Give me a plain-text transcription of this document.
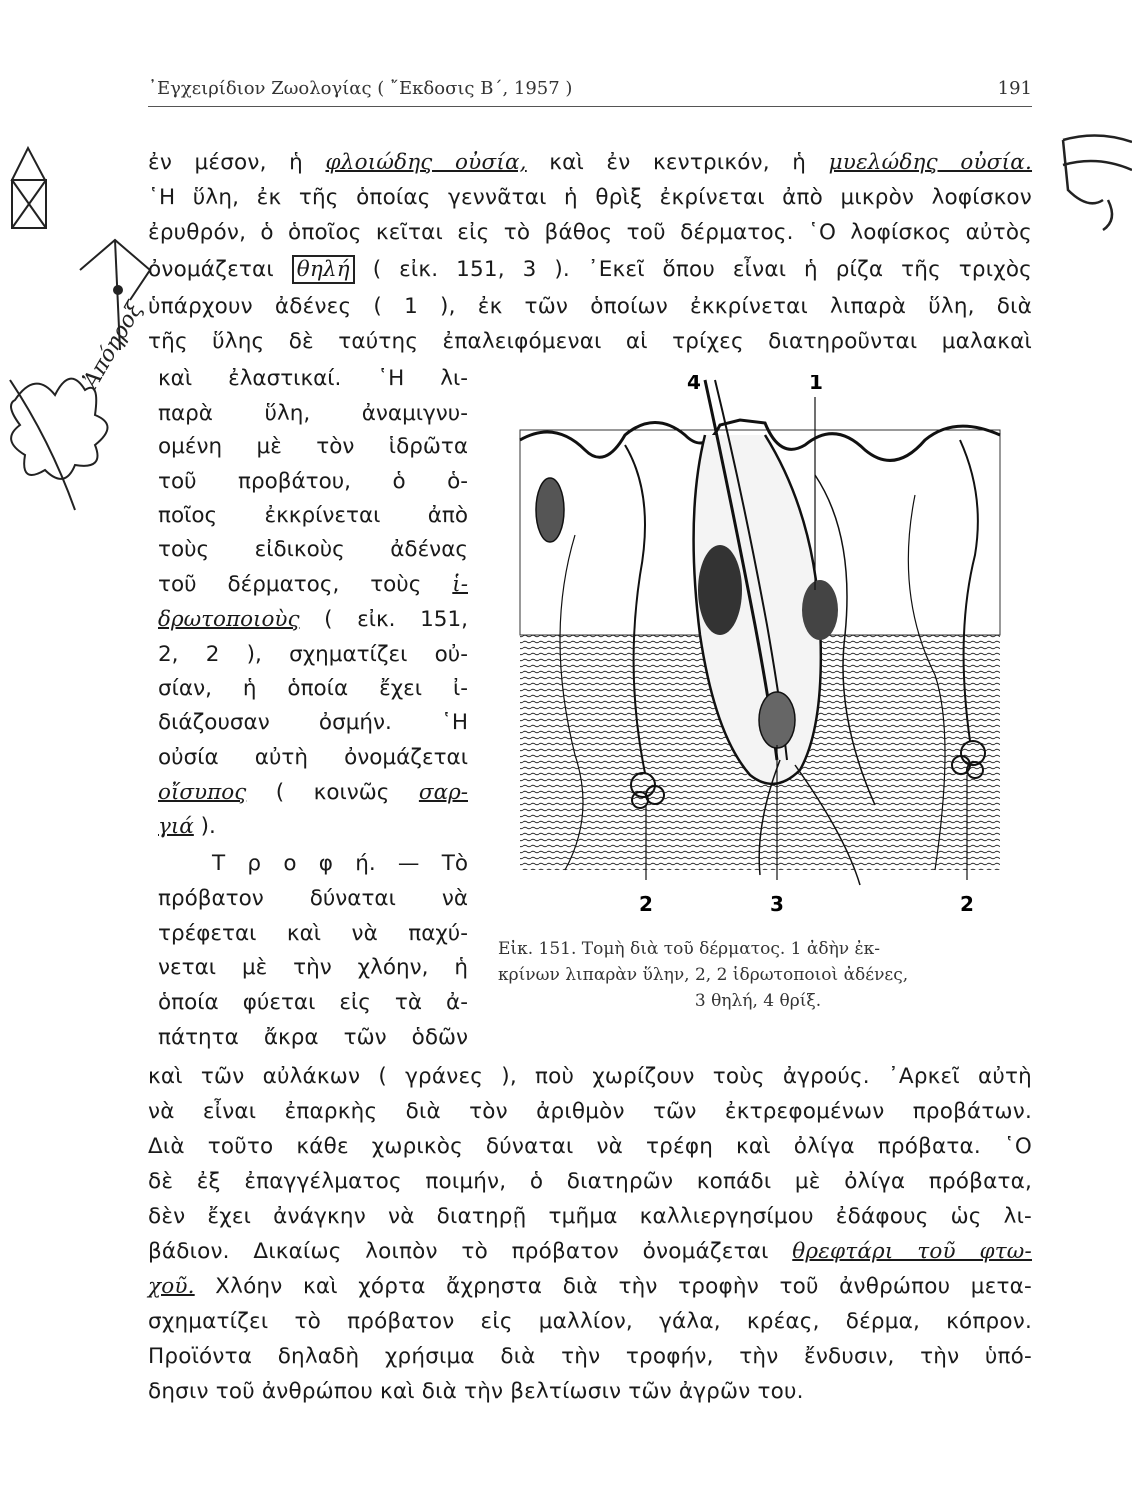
᾿Εγχειρίδιον Ζωολογίας ( ῎Εκδοσις Β΄, 1957 )	191
ἐν μέσον, ἡ φλοιώδης οὐσία, καὶ ἐν κεντρικόν, ἡ μυελώδης οὐσία.
῾Η ὕλη, ἐκ τῆς ὁποίας γεννᾶται ἡ θρὶξ ἐκρίνεται ἀπὸ μικρὸν λοφίσκον
ἐρυθρόν, ὁ ὁποῖος κεῖται εἰς τὸ βάθος τοῦ δέρματος. ῾Ο λοφίσκος αὐτὸς
ὀνομάζεται θηλή ( εἰκ. 151, 3 ). ᾿Εκεῖ ὅπου εἶναι ἡ ρίζα τῆς τριχὸς
ὑπάρχουν ἀδένες ( 1 ), ἐκ τῶν ὁποίων ἐκκρίνεται λιπαρὰ ὕλη, διὰ
τῆς ὕλης δὲ ταύτης ἐπαλειφόμεναι αἱ τρίχες διατηροῦνται μαλακαὶ
καὶ ἐλαστικαί. ῾Η λι-
παρὰ ὕλη, ἀναμιγνυ-
ομένη μὲ τὸν ἱδρῶτα
τοῦ προβάτου, ὁ ὁ-
ποῖος ἐκκρίνεται ἀπὸ
τοὺς εἰδικοὺς ἀδένας
τοῦ δέρματος, τοὺς ἱ-
δρωτοποιοὺς ( εἰκ. 151,
2, 2 ), σχηματίζει οὐ-
σίαν, ἡ ὁποία ἔχει ἰ-
διάζουσαν ὀσμήν. ῾Η
οὐσία αὐτὴ ὀνομάζεται
οἴσυπος ( κοινῶς σαρ-
γιά ).
Τ ρ ο φ ή. — Τὸ
πρόβατον δύναται νὰ
τρέφεται καὶ νὰ παχύ-
νεται μὲ τὴν χλόην, ἡ
ὁποία φύεται εἰς τὰ ἀ-
πάτητα ἄκρα τῶν ὁδῶν
καὶ τῶν αὐλάκων ( γράνες ), ποὺ χωρίζουν τοὺς ἀγρούς. ᾿Αρκεῖ αὐτὴ
νὰ εἶναι ἐπαρκὴς διὰ τὸν ἀριθμὸν τῶν ἐκτρεφομένων προβάτων.
Διὰ τοῦτο κάθε χωρικὸς δύναται νὰ τρέφη καὶ ὀλίγα πρόβατα. ῾Ο
δὲ ἐξ ἐπαγγέλματος ποιμήν, ὁ διατηρῶν κοπάδι μὲ ὀλίγα πρόβατα,
δὲν ἔχει ἀνάγκην νὰ διατηρῇ τμῆμα καλλιεργησίμου ἐδάφους ὡς λι-
βάδιον. Δικαίως λοιπὸν τὸ πρόβατον ὀνομάζεται θρεφτάρι τοῦ φτω-
χοῦ. Χλόην καὶ χόρτα ἄχρηστα διὰ τὴν τροφὴν τοῦ ἀνθρώπου μετα-
σχηματίζει τὸ πρόβατον εἰς μαλλίον, γάλα, κρέας, δέρμα, κόπρον.
Προϊόντα δηλαδὴ χρήσιμα διὰ τὴν τροφήν, τὴν ἔνδυσιν, τὴν ὑπό-
δησιν τοῦ ἀνθρώπου καὶ διὰ τὴν βελτίωσιν τῶν ἀγρῶν του.
4	1
2	3	2
Εἰκ. 151. Τομὴ διὰ τοῦ δέρματος. 1 ἀδὴν ἐκ-
κρίνων λιπαρὰν ὕλην, 2, 2 ἱδρωτοποιοὶ ἀδένες,
3 θηλή, 4 θρίξ.
Ἀπόηροξ
